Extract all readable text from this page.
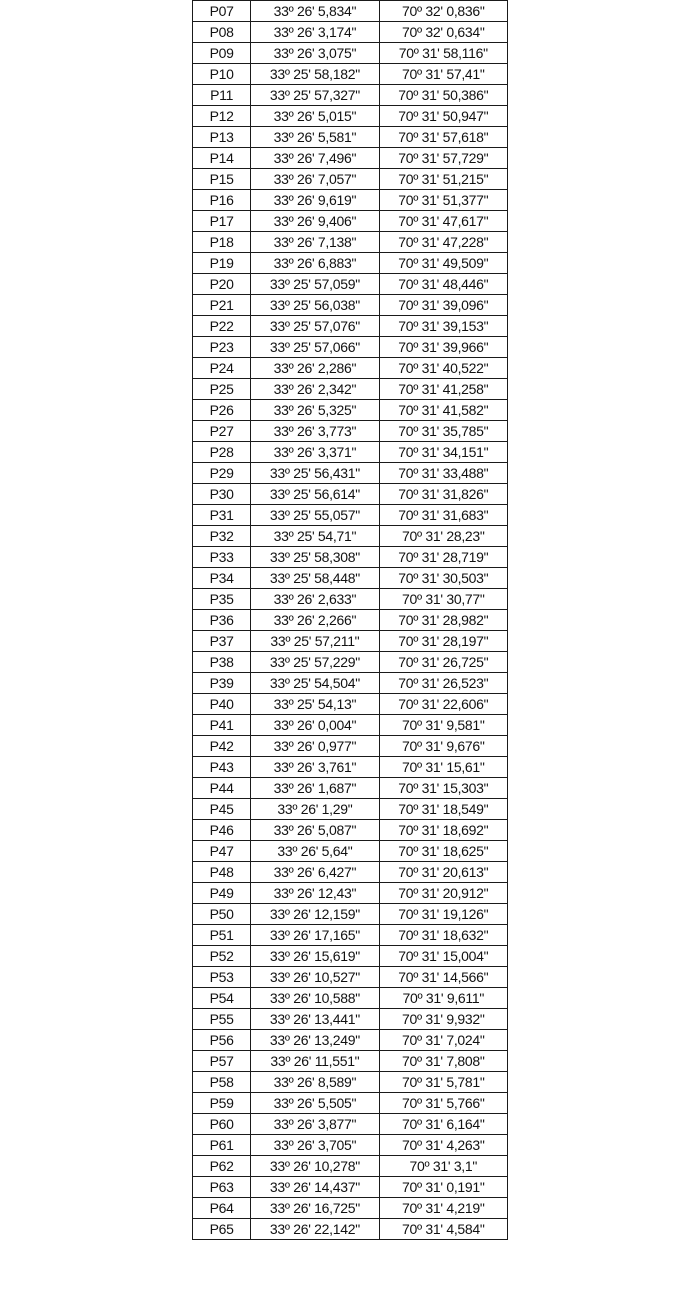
P07	33º 26' 5,834"	70º 32' 0,836"
P08	33º 26' 3,174"	70º 32' 0,634"
P09	33º 26' 3,075"	70º 31' 58,116"
P10	33º 25' 58,182"	70º 31' 57,41"
P11	33º 25' 57,327"	70º 31' 50,386"
P12	33º 26' 5,015"	70º 31' 50,947"
P13	33º 26' 5,581"	70º 31' 57,618"
P14	33º 26' 7,496"	70º 31' 57,729"
P15	33º 26' 7,057"	70º 31' 51,215"
P16	33º 26' 9,619"	70º 31' 51,377"
P17	33º 26' 9,406"	70º 31' 47,617"
P18	33º 26' 7,138"	70º 31' 47,228"
P19	33º 26' 6,883"	70º 31' 49,509"
P20	33º 25' 57,059"	70º 31' 48,446"
P21	33º 25' 56,038"	70º 31' 39,096"
P22	33º 25' 57,076"	70º 31' 39,153"
P23	33º 25' 57,066"	70º 31' 39,966"
P24	33º 26' 2,286"	70º 31' 40,522"
P25	33º 26' 2,342"	70º 31' 41,258"
P26	33º 26' 5,325"	70º 31' 41,582"
P27	33º 26' 3,773"	70º 31' 35,785"
P28	33º 26' 3,371"	70º 31' 34,151"
P29	33º 25' 56,431"	70º 31' 33,488"
P30	33º 25' 56,614"	70º 31' 31,826"
P31	33º 25' 55,057"	70º 31' 31,683"
P32	33º 25' 54,71"	70º 31' 28,23"
P33	33º 25' 58,308"	70º 31' 28,719"
P34	33º 25' 58,448"	70º 31' 30,503"
P35	33º 26' 2,633"	70º 31' 30,77"
P36	33º 26' 2,266"	70º 31' 28,982"
P37	33º 25' 57,211"	70º 31' 28,197"
P38	33º 25' 57,229"	70º 31' 26,725"
P39	33º 25' 54,504"	70º 31' 26,523"
P40	33º 25' 54,13"	70º 31' 22,606"
P41	33º 26' 0,004"	70º 31' 9,581"
P42	33º 26' 0,977"	70º 31' 9,676"
P43	33º 26' 3,761"	70º 31' 15,61"
P44	33º 26' 1,687"	70º 31' 15,303"
P45	33º 26' 1,29"	70º 31' 18,549"
P46	33º 26' 5,087"	70º 31' 18,692"
P47	33º 26' 5,64"	70º 31' 18,625"
P48	33º 26' 6,427"	70º 31' 20,613"
P49	33º 26' 12,43"	70º 31' 20,912"
P50	33º 26' 12,159"	70º 31' 19,126"
P51	33º 26' 17,165"	70º 31' 18,632"
P52	33º 26' 15,619"	70º 31' 15,004"
P53	33º 26' 10,527"	70º 31' 14,566"
P54	33º 26' 10,588"	70º 31' 9,611"
P55	33º 26' 13,441"	70º 31' 9,932"
P56	33º 26' 13,249"	70º 31' 7,024"
P57	33º 26' 11,551"	70º 31' 7,808"
P58	33º 26' 8,589"	70º 31' 5,781"
P59	33º 26' 5,505"	70º 31' 5,766"
P60	33º 26' 3,877"	70º 31' 6,164"
P61	33º 26' 3,705"	70º 31' 4,263"
P62	33º 26' 10,278"	70º 31' 3,1"
P63	33º 26' 14,437"	70º 31' 0,191"
P64	33º 26' 16,725"	70º 31' 4,219"
P65	33º 26' 22,142"	70º 31' 4,584"
